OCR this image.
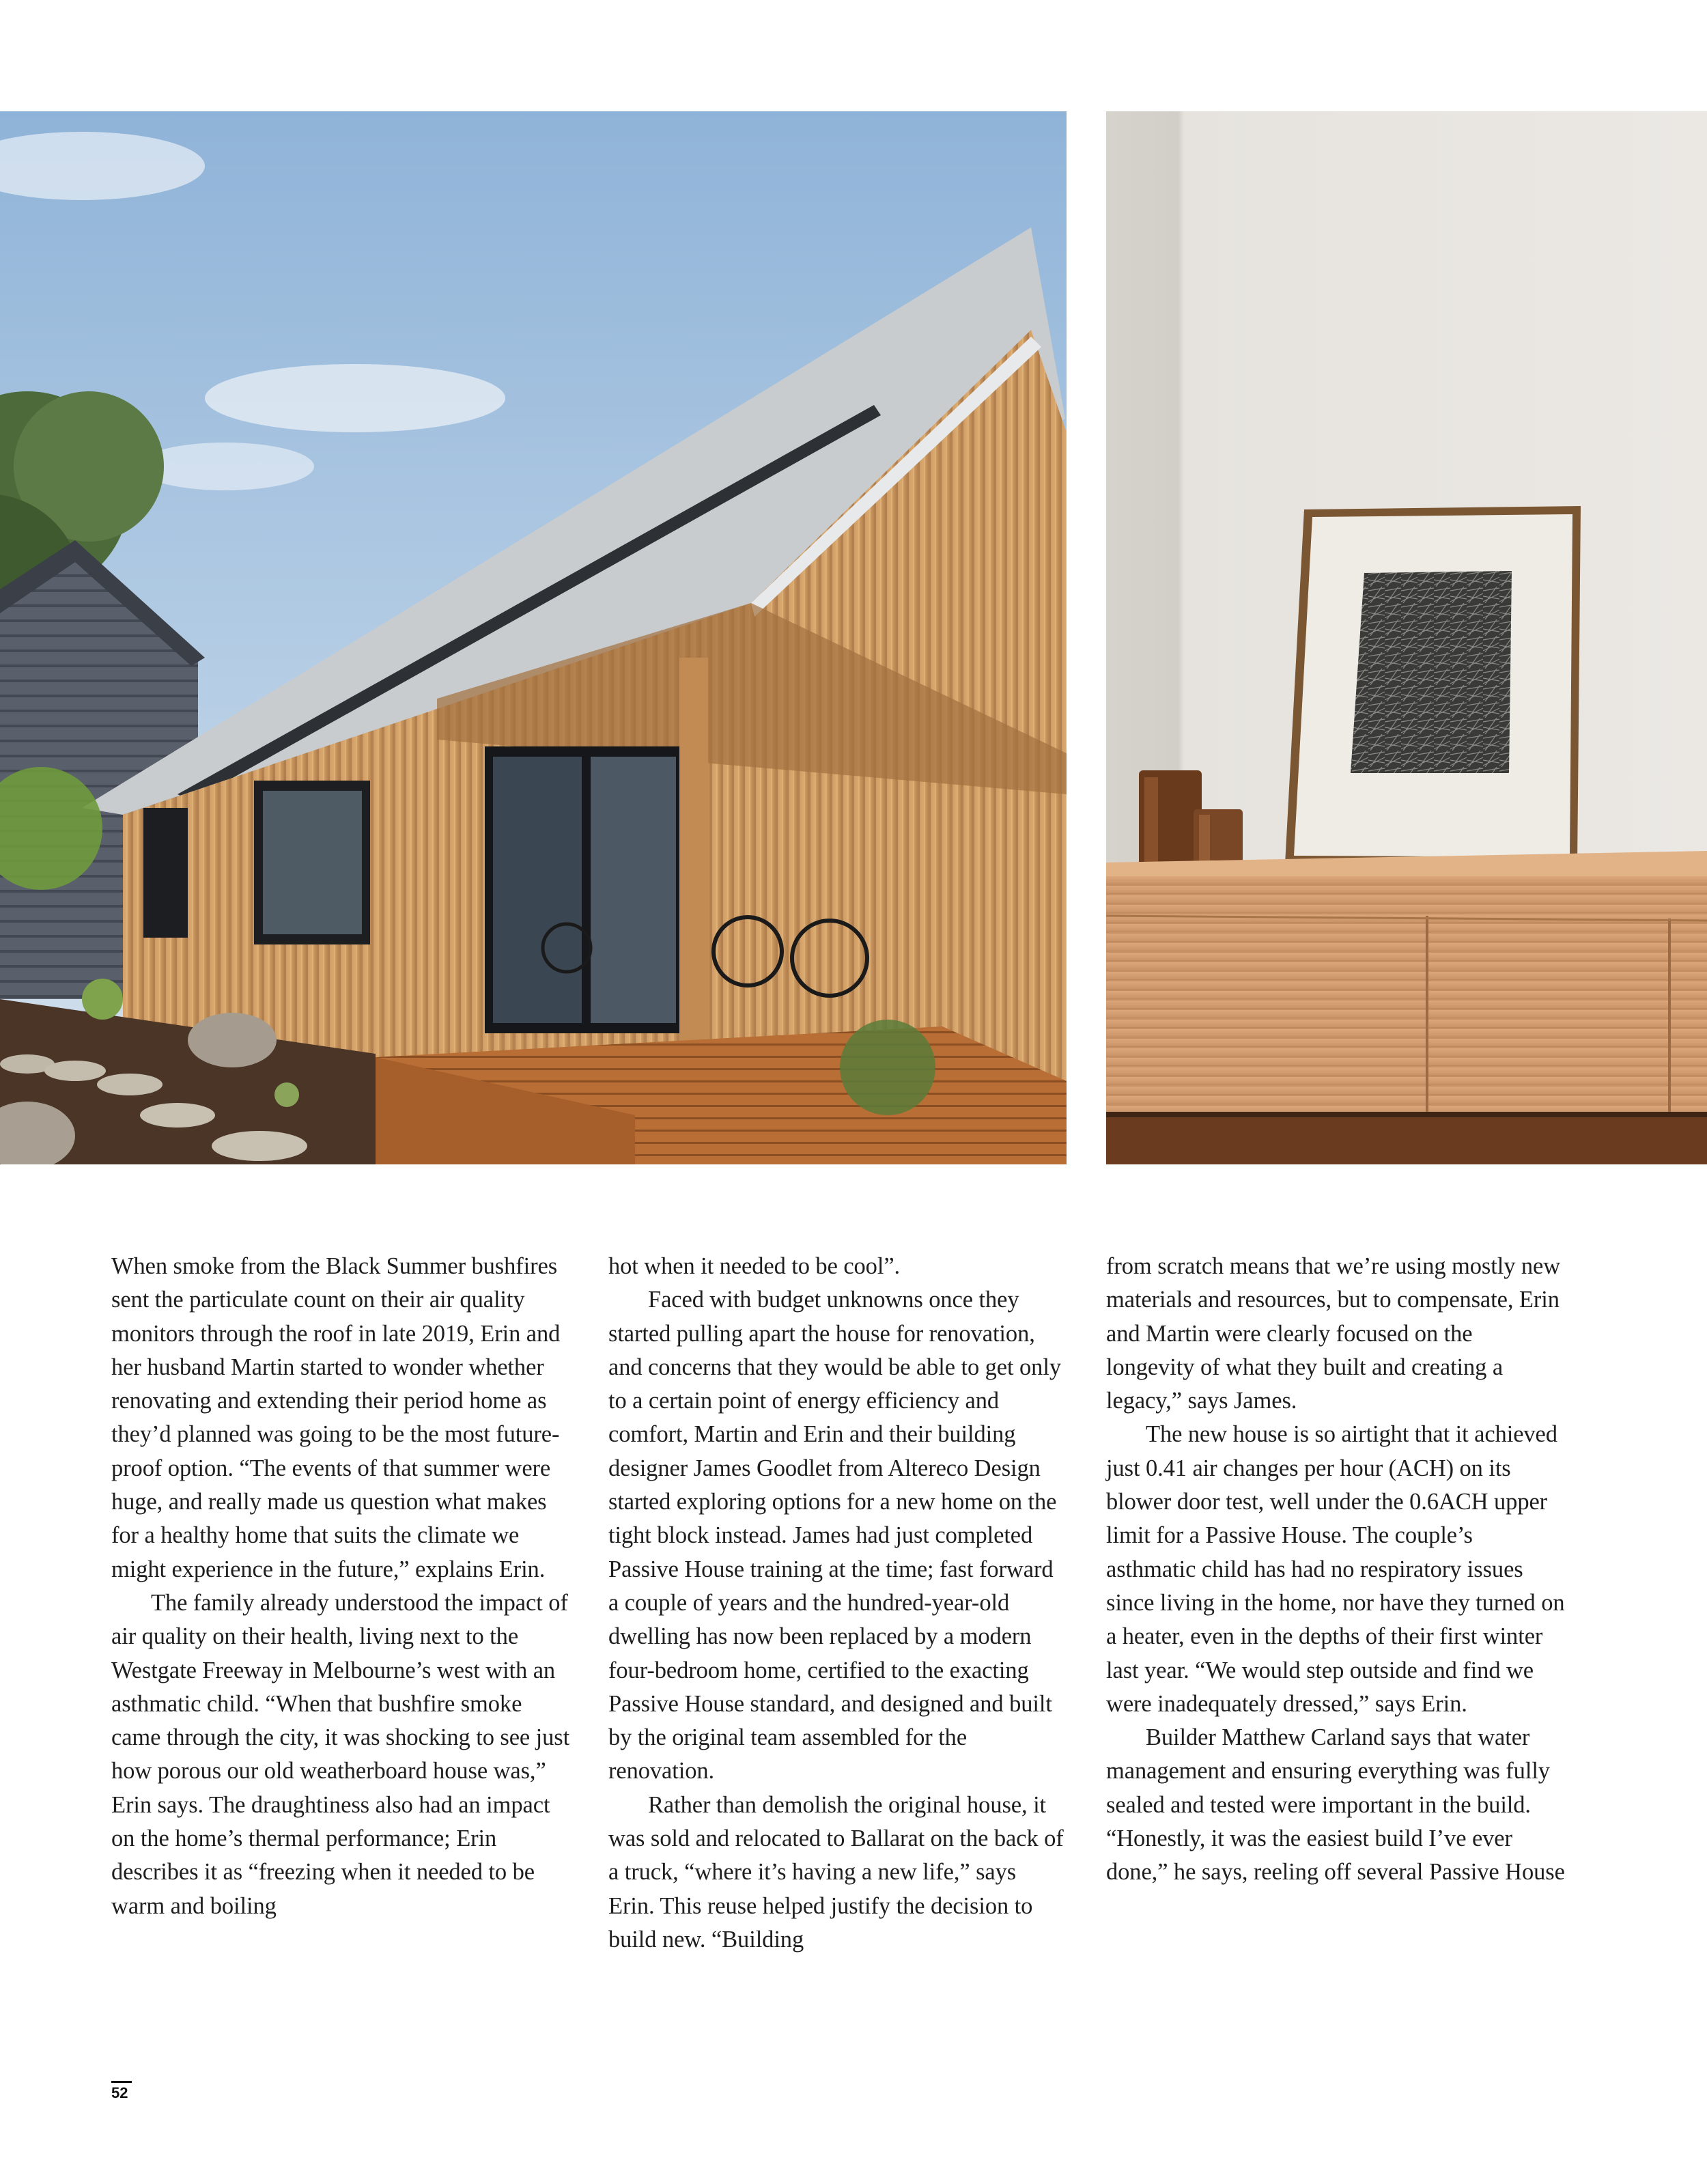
When smoke from the Black Summer bushfires sent the particulate count on their air quality monitors through the roof in late 2019, Erin and her husband Martin started to wonder whether renovating and extending their period home as they’d planned was going to be the most future-proof option. “The events of that summer were huge, and really made us question what makes for a healthy home that suits the climate we might experience in the future,” explains Erin.

The family already understood the impact of air quality on their health, living next to the Westgate Freeway in Melbourne’s west with an asthmatic child. “When that bushfire smoke came through the city, it was shocking to see just how porous our old weatherboard house was,” Erin says. The draughtiness also had an impact on the home’s thermal performance; Erin describes it as “freezing when it needed to be warm and boiling

hot when it needed to be cool”.

Faced with budget unknowns once they started pulling apart the house for renovation, and concerns that they would be able to get only to a certain point of energy efficiency and comfort, Martin and Erin and their building designer James Goodlet from Altereco Design started exploring options for a new home on the tight block instead. James had just completed Passive House training at the time; fast forward a couple of years and the hundred-year-old dwelling has now been replaced by a modern four-bedroom home, certified to the exacting Passive House standard, and designed and built by the original team assembled for the renovation.

Rather than demolish the original house, it was sold and relocated to Ballarat on the back of a truck, “where it’s having a new life,” says Erin. This reuse helped justify the decision to build new. “Building

from scratch means that we’re using mostly new materials and resources, but to compensate, Erin and Martin were clearly focused on the longevity of what they built and creating a legacy,” says James.

The new house is so airtight that it achieved just 0.41 air changes per hour (ACH) on its blower door test, well under the 0.6ACH upper limit for a Passive House. The couple’s asthmatic child has had no respiratory issues since living in the home, nor have they turned on a heater, even in the depths of their first winter last year. “We would step outside and find we were inadequately dressed,” says Erin.

Builder Matthew Carland says that water management and ensuring everything was fully sealed and tested were important in the build. “Honestly, it was the easiest build I’ve ever done,” he says, reeling off several Passive House

52
